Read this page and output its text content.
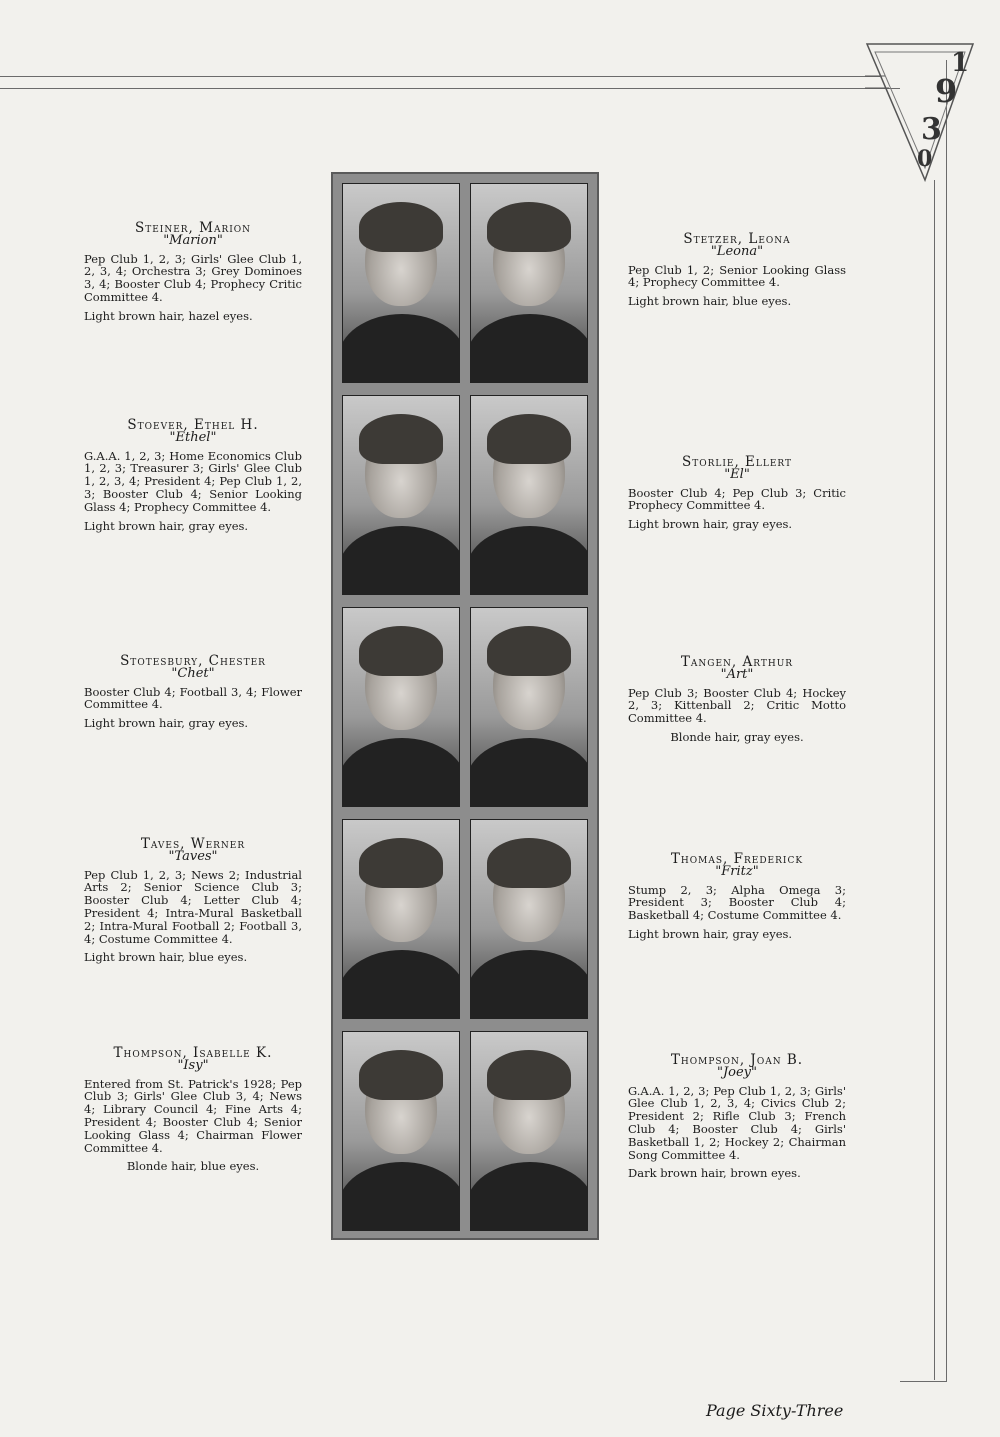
1
9
3
0

Steiner, Marion

"Marion"

Pep Club 1, 2, 3; Girls' Glee Club 1, 2, 3, 4; Orchestra 3; Grey Dominoes 3, 4; Booster Club 4; Prophecy Critic Committee 4.

Light brown hair, hazel eyes.

Stoever, Ethel H.

"Ethel"

G.A.A. 1, 2, 3; Home Economics Club 1, 2, 3; Treasurer 3; Girls' Glee Club 1, 2, 3, 4; President 4; Pep Club 1, 2, 3; Booster Club 4; Senior Looking Glass 4; Prophecy Committee 4.

Light brown hair, gray eyes.

Stotesbury, Chester

"Chet"

Booster Club 4; Football 3, 4; Flower Committee 4.

Light brown hair, gray eyes.

Taves, Werner

"Taves"

Pep Club 1, 2, 3; News 2; Industrial Arts 2; Senior Science Club 3; Booster Club 4; Letter Club 4; President 4; Intra-Mural Basketball 2; Intra-Mural Football 2; Football 3, 4; Costume Committee 4.

Light brown hair, blue eyes.

Thompson, Isabelle K.

"Isy"

Entered from St. Patrick's 1928; Pep Club 3; Girls' Glee Club 3, 4; News 4; Library Council 4; Fine Arts 4; President 4; Booster Club 4; Senior Looking Glass 4; Chairman Flower Committee 4.

Blonde hair, blue eyes.

Stetzer, Leona

"Leona"

Pep Club 1, 2; Senior Looking Glass 4; Prophecy Committee 4.

Light brown hair, blue eyes.

Storlie, Ellert

"El"

Booster Club 4; Pep Club 3; Critic Prophecy Committee 4.

Light brown hair, gray eyes.

Tangen, Arthur

"Art"

Pep Club 3; Booster Club 4; Hockey 2, 3; Kittenball 2; Critic Motto Committee 4.

Blonde hair, gray eyes.

Thomas, Frederick

"Fritz"

Stump 2, 3; Alpha Omega 3; President 3; Booster Club 4; Basketball 4; Costume Committee 4.

Light brown hair, gray eyes.

Thompson, Joan B.

"Joey"

G.A.A. 1, 2, 3; Pep Club 1, 2, 3; Girls' Glee Club 1, 2, 3, 4; Civics Club 2; President 2; Rifle Club 3; French Club 4; Booster Club 4; Girls' Basketball 1, 2; Hockey 2; Chairman Song Committee 4.

Dark brown hair, brown eyes.

Page Sixty-Three
